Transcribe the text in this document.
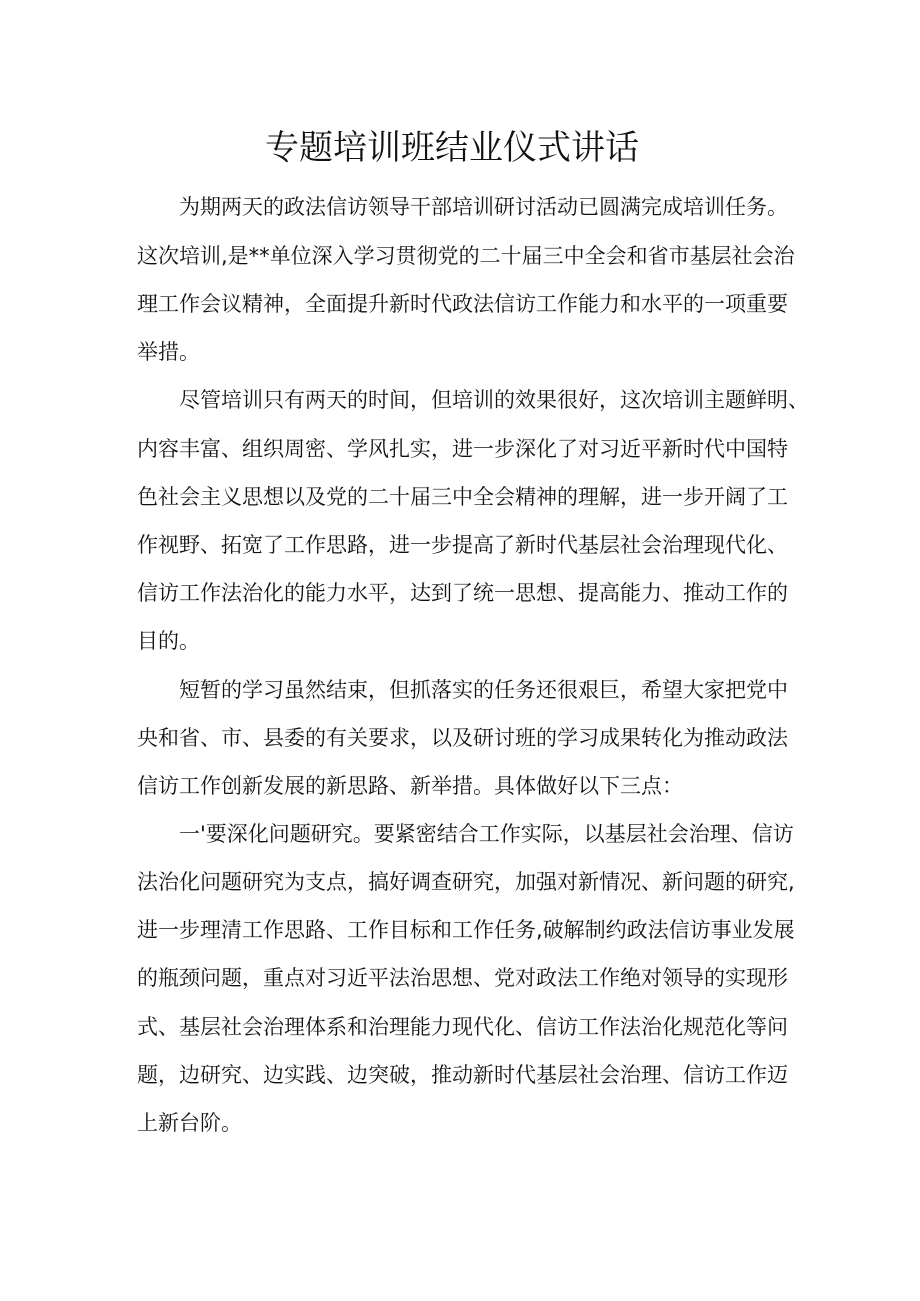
专题培训班结业仪式讲话

为期两天的政法信访领导干部培训研讨活动已圆满完成培训任务。

这次培训,是**单位深入学习贯彻党的二十届三中全会和省市基层社会治

理工作会议精神，全面提升新时代政法信访工作能力和水平的一项重要

举措。

尽管培训只有两天的时间，但培训的效果很好，这次培训主题鲜明、

内容丰富、组织周密、学风扎实，进一步深化了对习近平新时代中国特

色社会主义思想以及党的二十届三中全会精神的理解，进一步开阔了工

作视野、拓宽了工作思路，进一步提高了新时代基层社会治理现代化、

信访工作法治化的能力水平，达到了统一思想、提高能力、推动工作的

目的。

短暂的学习虽然结束，但抓落实的任务还很艰巨，希望大家把党中

央和省、市、县委的有关要求，以及研讨班的学习成果转化为推动政法

信访工作创新发展的新思路、新举措。具体做好以下三点：

一'要深化问题研究。要紧密结合工作实际，以基层社会治理、信访

法治化问题研究为支点，搞好调查研究，加强对新情况、新问题的研究,

进一步理清工作思路、工作目标和工作任务,破解制约政法信访事业发展

的瓶颈问题，重点对习近平法治思想、党对政法工作绝对领导的实现形

式、基层社会治理体系和治理能力现代化、信访工作法治化规范化等问

题，边研究、边实践、边突破，推动新时代基层社会治理、信访工作迈

上新台阶。
